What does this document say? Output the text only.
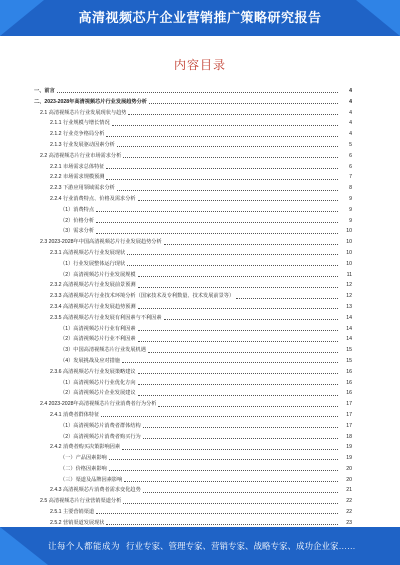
高清视频芯片企业营销推广策略研究报告
内容目录
一、前言	4
二、2023-2028年高清视频芯片行业发展趋势分析	4
2.1 高清视频芯片行业发展现状与趋势	4
2.1.1 行业规模与增长情况	4
2.1.2 行业竞争格局分析	4
2.1.3 行业发展驱动因素分析	5
2.2 高清视频芯片行业市场需求分析	6
2.2.1 市场需求总体特征	6
2.2.2 市场需求规模预测	7
2.2.3 下游应用领域需求分析	8
2.2.4 行业消费特点、价格及需求分析	9
（1）消费特点	9
（2）价格分析	9
（3）需求分析	10
2.3 2023-2028年中国高清视频芯片行业发展趋势分析	10
2.3.1 高清视频芯片行业发展现状	10
（1）行业发展整体运行现状	10
（2）高清视频芯片行业发展规模	11
2.3.2 高清视频芯片行业发展前景预测	12
2.3.3 高清视频芯片行业技术环境分析（国家技术及专利数量、技术发展前景等）	12
2.3.4 高清视频芯片行业发展趋势预测	13
2.3.5 高清视频芯片行业发展有利因素与不利因素	14
（1）高清视频芯片行业有利因素	14
（2）高清视频芯片行业不利因素	14
（3）中国高清视频芯片行业发展机遇	15
（4）发展挑战及应对措施	15
2.3.6 高清视频芯片行业发展策略建议	16
（1）高清视频芯片行业优化方向	16
（2）高清视频芯片企业发展建议	16
2.4 2023-2028年高清视频芯片行业消费者行为分析	17
2.4.1 消费者群体特征	17
（1）高清视频芯片消费者群体结构	17
（2）高清视频芯片消费者购买行为	18
2.4.2 消费者购买决策影响因素	19
（一）产品因素影响	19
（二）价格因素影响	20
（三）渠道及品牌因素影响	20
2.4.3 高清视频芯片消费者需求变化趋势	21
2.5 高清视频芯片行业营销渠道分析	22
2.5.1 主要营销渠道	22
2.5.2 营销渠道发展现状	23
让每个人都能成为 行业专家、管理专家、营销专家、战略专家、成功企业家……
